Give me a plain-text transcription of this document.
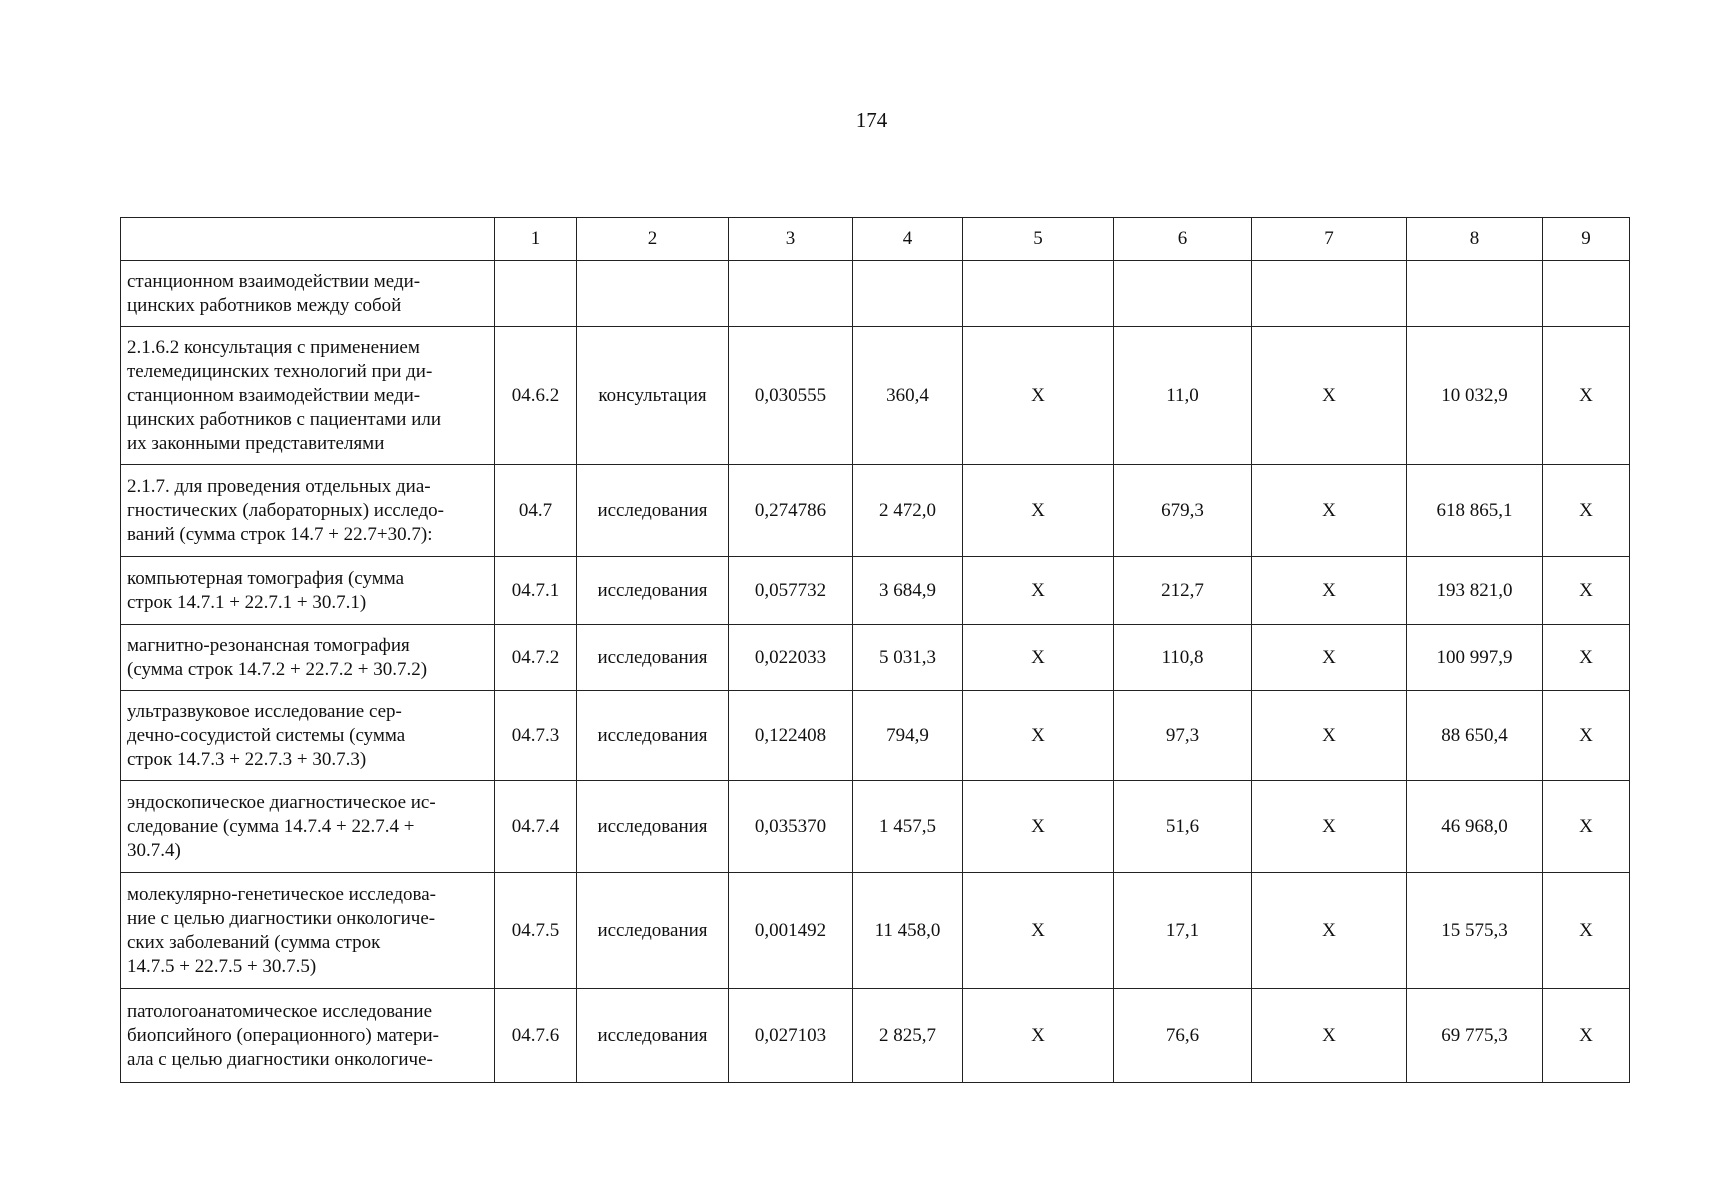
174
	1	2	3	4	5	6	7	8	9

станционном взаимодействии меди-
цинских работников между собой									

2.1.6.2 консультация с применением
телемедицинских технологий при ди-
станционном взаимодействии меди-
цинских работников с пациентами или
их законными представителями	04.6.2	консультация	0,030555	360,4	X	11,0	X	10 032,9	X

2.1.7. для проведения отдельных диа-
гностических (лабораторных) исследо-
ваний (сумма строк 14.7 + 22.7+30.7):	04.7	исследования	0,274786	2 472,0	X	679,3	X	618 865,1	X

компьютерная томография (сумма
строк 14.7.1 + 22.7.1 + 30.7.1)	04.7.1	исследования	0,057732	3 684,9	X	212,7	X	193 821,0	X

магнитно-резонансная томография
(сумма строк 14.7.2 + 22.7.2 + 30.7.2)	04.7.2	исследования	0,022033	5 031,3	X	110,8	X	100 997,9	X

ультразвуковое исследование сер-
дечно-сосудистой системы (сумма
строк 14.7.3 + 22.7.3 + 30.7.3)	04.7.3	исследования	0,122408	794,9	X	97,3	X	88 650,4	X

эндоскопическое диагностическое ис-
следование (сумма 14.7.4 + 22.7.4 +
30.7.4)	04.7.4	исследования	0,035370	1 457,5	X	51,6	X	46 968,0	X

молекулярно-генетическое исследова-
ние с целью диагностики онкологиче-
ских заболеваний (сумма строк
14.7.5 + 22.7.5 + 30.7.5)	04.7.5	исследования	0,001492	11 458,0	X	17,1	X	15 575,3	X

патологоанатомическое исследование
биопсийного (операционного) матери-
ала с целью диагностики онкологиче-	04.7.6	исследования	0,027103	2 825,7	X	76,6	X	69 775,3	X
